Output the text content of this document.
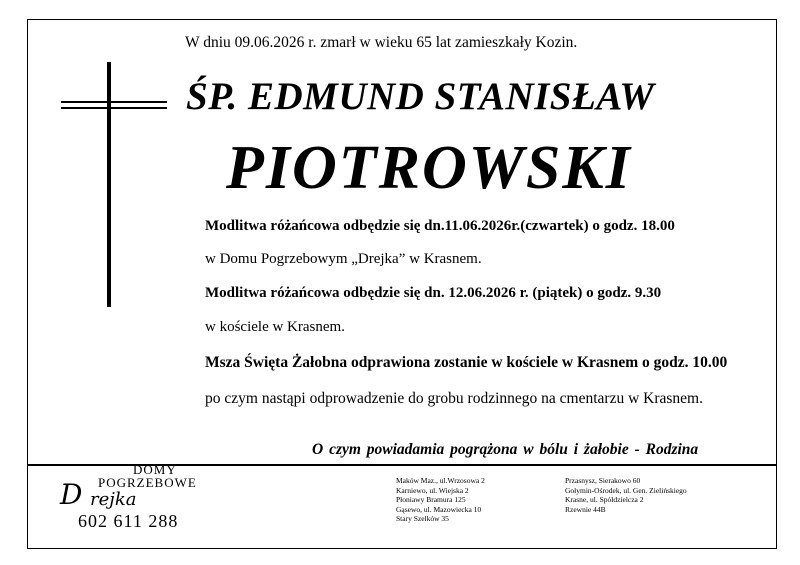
W dniu 09.06.2026 r. zmarł w wieku 65 lat zamieszkały Kozin.
ŚP. EDMUND STANISŁAW
PIOTROWSKI
Modlitwa różańcowa odbędzie się dn.11.06.2026r.(czwartek) o godz. 18.00
w Domu Pogrzebowym „Drejka” w Krasnem.
Modlitwa różańcowa odbędzie się dn. 12.06.2026 r. (piątek) o godz. 9.30
w kościele w Krasnem.
Msza Święta Żałobna odprawiona zostanie w kościele w Krasnem o godz. 10.00
po czym nastąpi odprowadzenie do grobu rodzinnego na cmentarzu w Krasnem.
O czym powiadamia pogrążona w bólu i żałobie - Rodzina
DOMY
POGRZEBOWE
D rejka
602 611 288
Maków Maz., ul.Wrzosowa 2
Karniewo, ul. Wiejska 2
Płoniawy Bramura 125
Gąsewo, ul. Mazowiecka 10
Stary Szelków 35
Przasnysz, Sierakowo 60
Gołymin-Ośrodek, ul. Gen. Zielińskiego
Krasne, ul. Spółdzielcza 2
Rzewnie 44B
